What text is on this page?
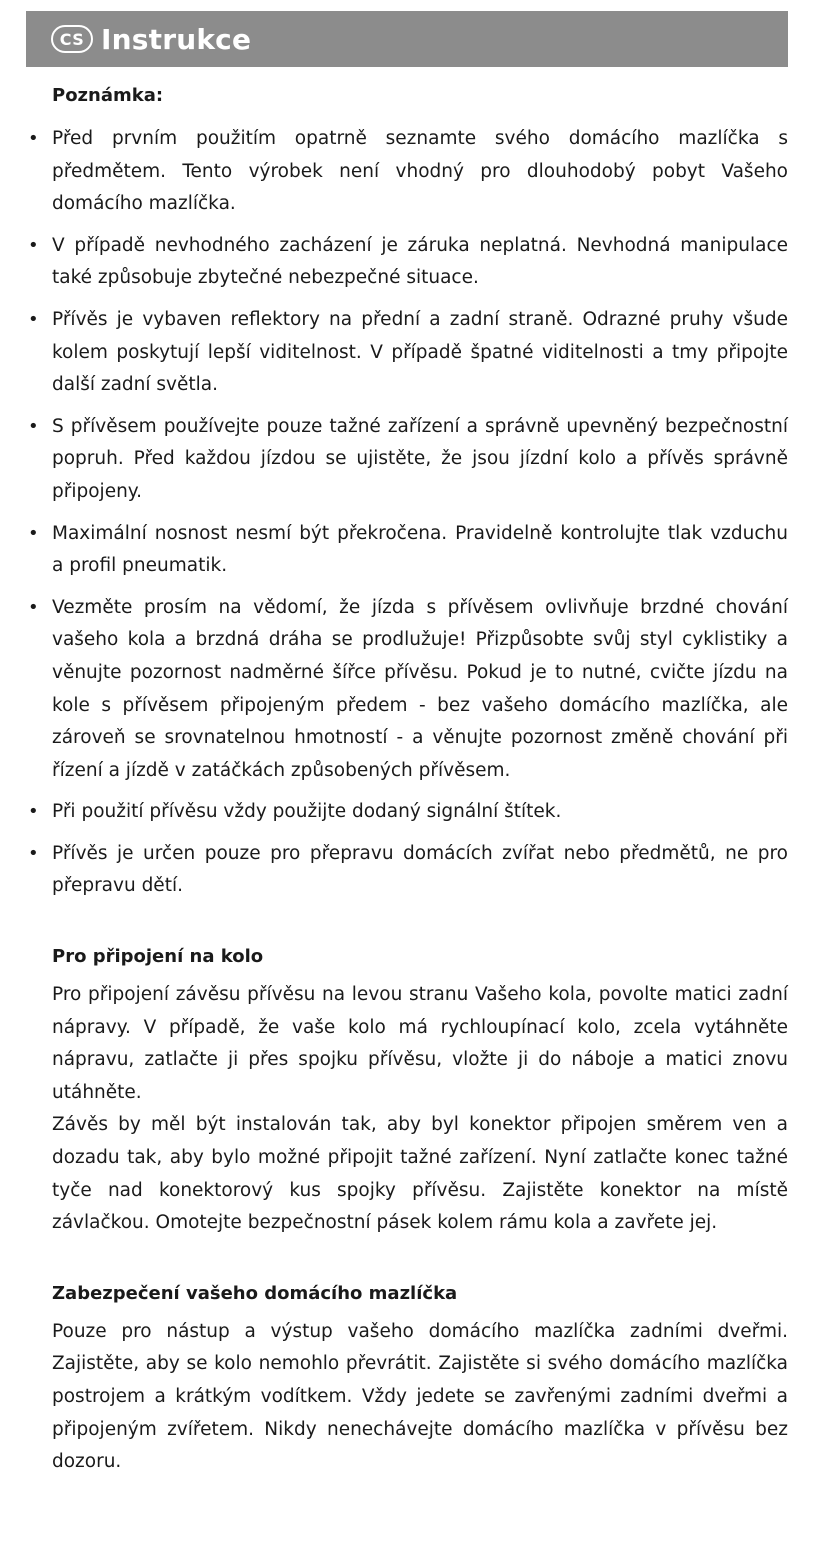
CS Instrukce
Poznámka:
• Před prvním použitím opatrně seznamte svého domácího mazlíčka s předmětem. Tento výrobek není vhodný pro dlouhodobý pobyt Vašeho domácího mazlíčka.
• V případě nevhodného zacházení je záruka neplatná. Nevhodná manipulace také způsobuje zbytečné nebezpečné situace.
• Přívěs je vybaven reflektory na přední a zadní straně. Odrazné pruhy všude kolem poskytují lepší viditelnost. V případě špatné viditelnosti a tmy připojte další zadní světla.
• S přívěsem používejte pouze tažné zařízení a správně upevněný bezpečnostní popruh. Před každou jízdou se ujistěte, že jsou jízdní kolo a přívěs správně připojeny.
• Maximální nosnost nesmí být překročena. Pravidelně kontrolujte tlak vzduchu a profil pneumatik.
• Vezměte prosím na vědomí, že jízda s přívěsem ovlivňuje brzdné chování vašeho kola a brzdná dráha se prodlužuje! Přizpůsobte svůj styl cyklistiky a věnujte pozornost nadměrné šířce přívěsu. Pokud je to nutné, cvičte jízdu na kole s přívěsem připojeným předem - bez vašeho domácího mazlíčka, ale zároveň se srovnatelnou hmotností - a věnujte pozornost změně chování při řízení a jízdě v zatáčkách způsobených přívěsem.
• Při použití přívěsu vždy použijte dodaný signální štítek.
• Přívěs je určen pouze pro přepravu domácích zvířat nebo předmětů, ne pro přepravu dětí.
Pro připojení na kolo

Pro připojení závěsu přívěsu na levou stranu Vašeho kola, povolte matici zadní nápravy. V případě, že vaše kolo má rychloupínací kolo, zcela vytáhněte nápravu, zatlačte ji přes spojku přívěsu, vložte ji do náboje a matici znovu utáhněte.

Závěs by měl být instalován tak, aby byl konektor připojen směrem ven a dozadu tak, aby bylo možné připojit tažné zařízení. Nyní zatlačte konec tažné tyče nad konektorový kus spojky přívěsu. Zajistěte konektor na místě závlačkou. Omotejte bezpečnostní pásek kolem rámu kola a zavřete jej.

Zabezpečení vašeho domácího mazlíčka

Pouze pro nástup a výstup vašeho domácího mazlíčka zadními dveřmi. Zajistěte, aby se kolo nemohlo převrátit. Zajistěte si svého domácího mazlíčka postrojem a krátkým vodítkem. Vždy jedete se zavřenými zadními dveřmi a připojeným zvířetem. Nikdy nenechávejte domácího mazlíčka v přívěsu bez dozoru.
